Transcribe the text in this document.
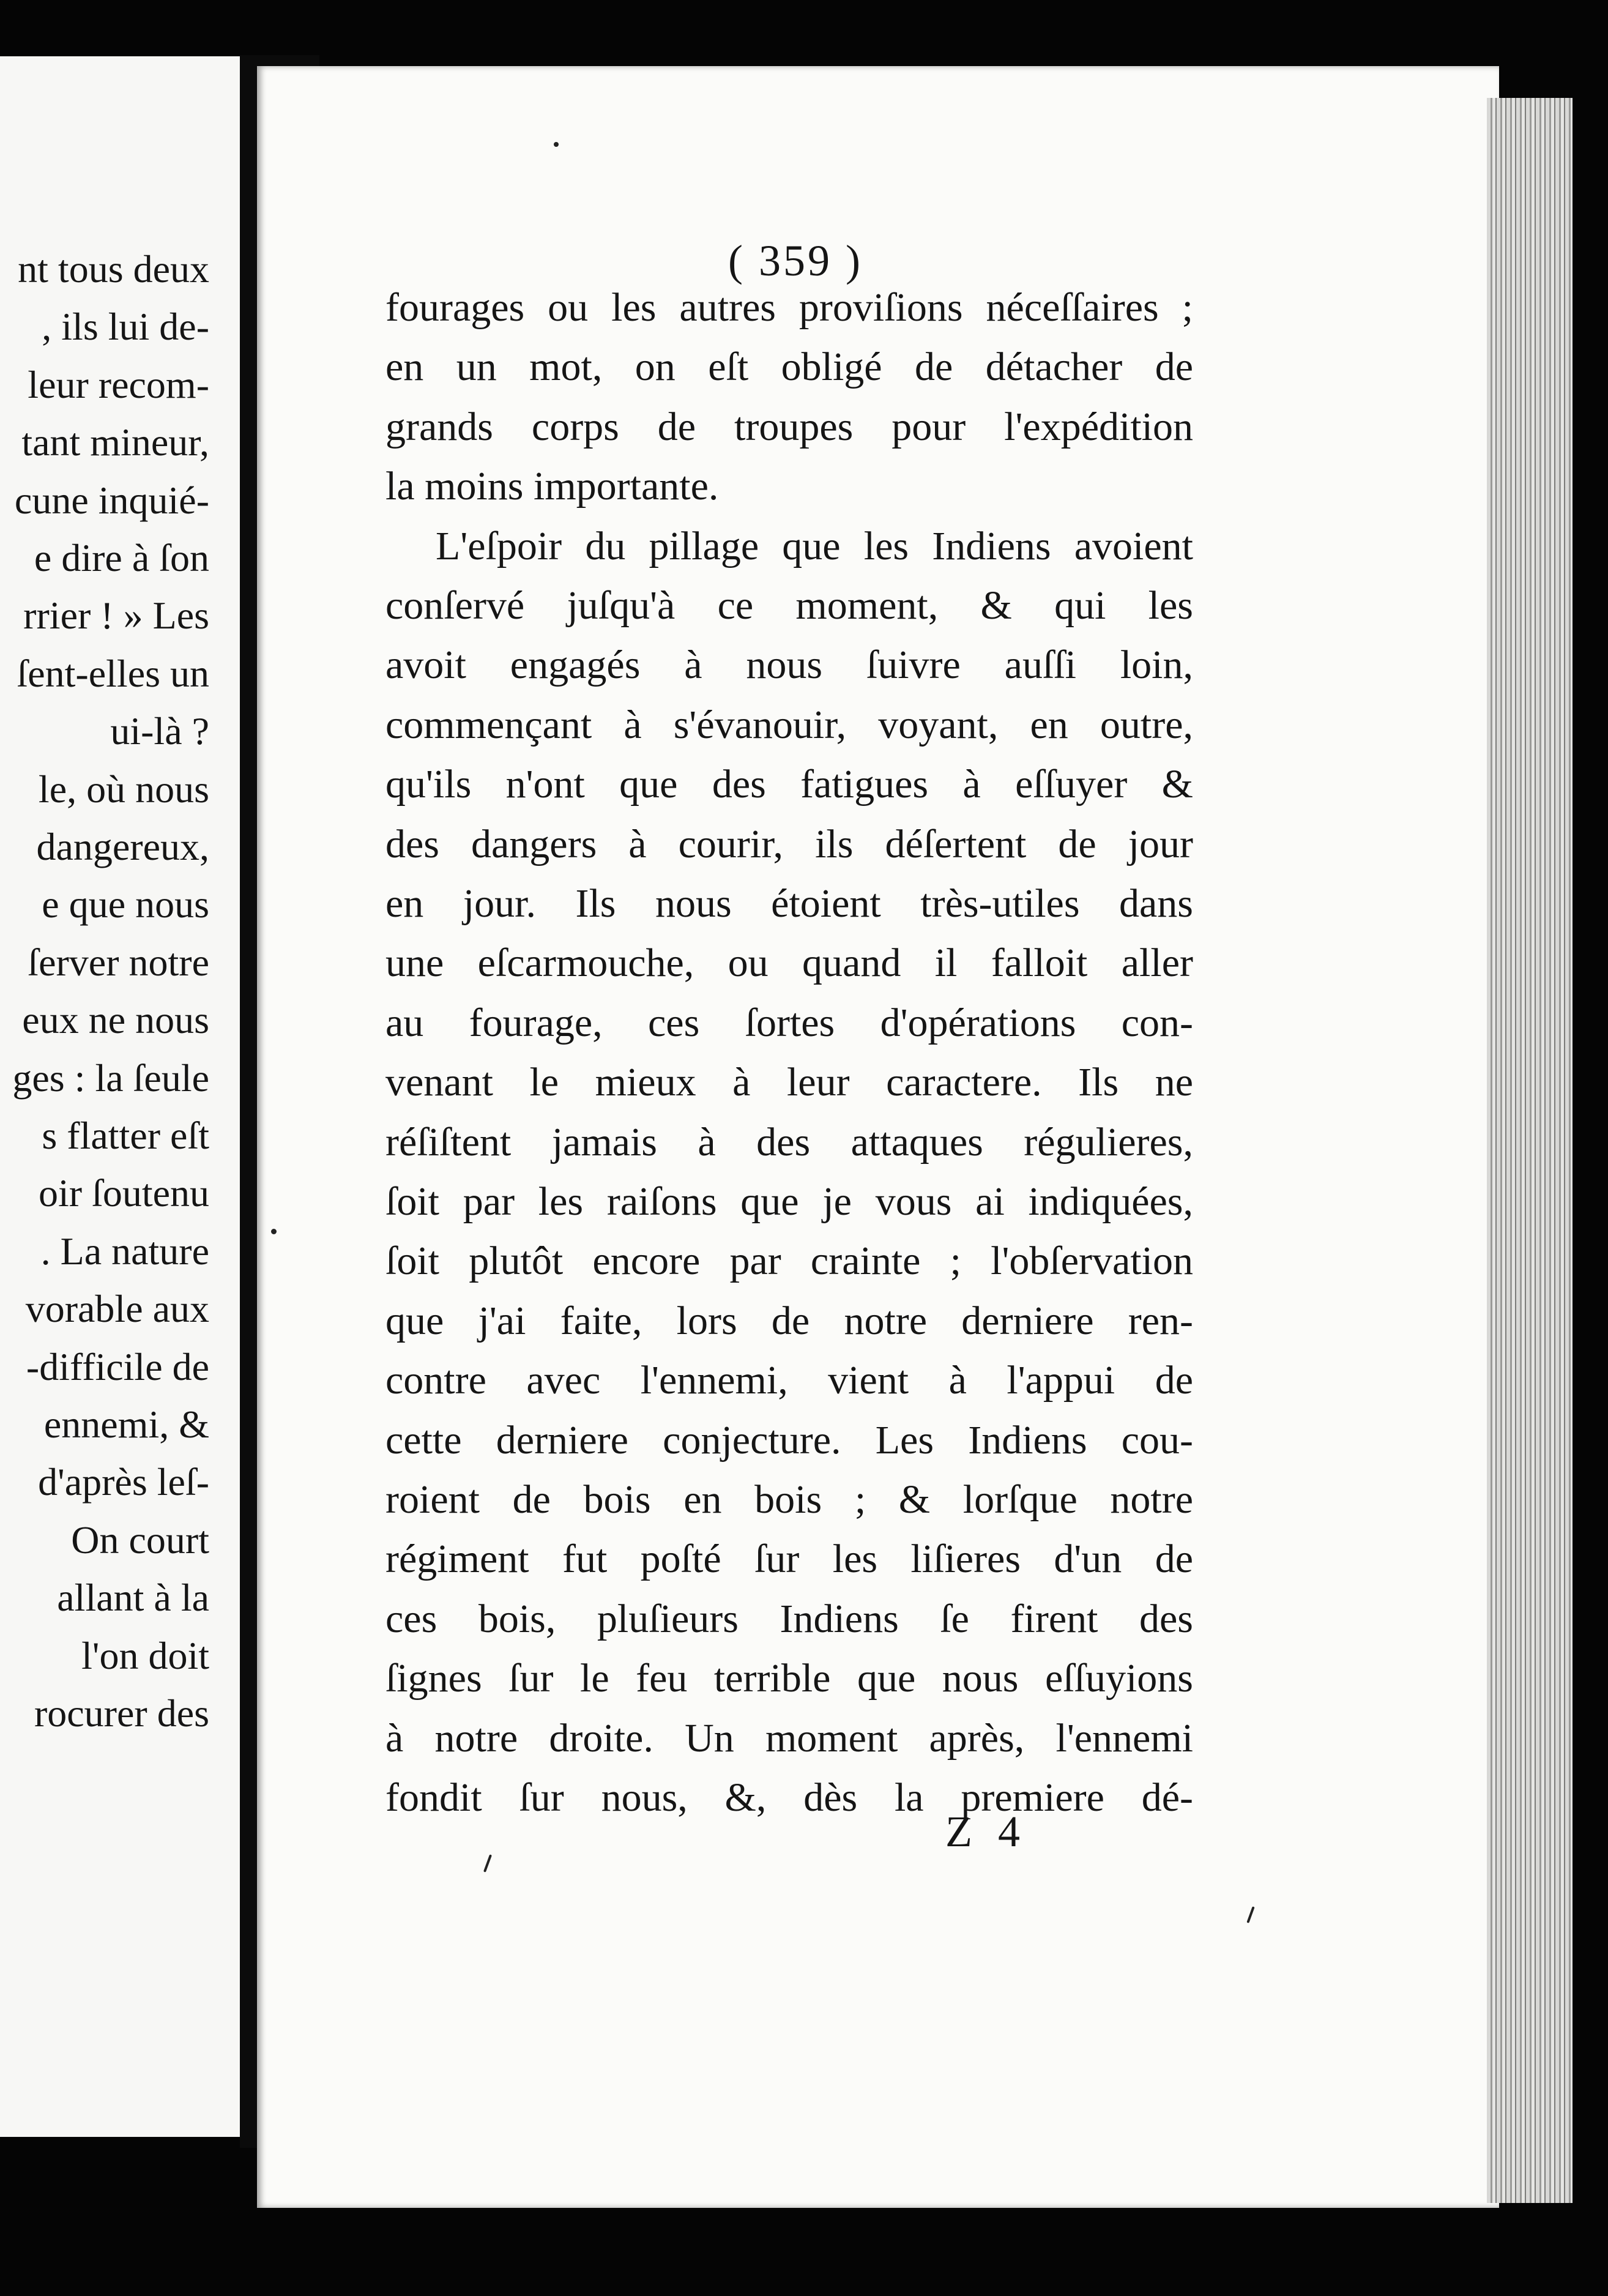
nt tous deux
, ils lui de-
leur recom-
tant mineur,
cune inquié-
e dire à ſon
rrier ! » Les
ſent-elles un
ui-là ?
le, où nous
dangereux,
e que nous
ſerver notre
eux ne nous
ges : la ſeule
s flatter eſt
oir ſoutenu
. La nature
vorable aux
-difficile de
ennemi, &
d'après leſ-
On court
allant à la
l'on doit
rocurer des
( 359 )
fourages ou les autres proviſions néceſſaires ;
en un mot, on eſt obligé de détacher de
grands corps de troupes pour l'expédition
la moins importante.
L'eſpoir du pillage que les Indiens avoient
conſervé juſqu'à ce moment, & qui les
avoit engagés à nous ſuivre auſſi loin,
commençant à s'évanouir, voyant, en outre,
qu'ils n'ont que des fatigues à eſſuyer &
des dangers à courir, ils déſertent de jour
en jour. Ils nous étoient très-utiles dans
une eſcarmouche, ou quand il falloit aller
au fourage, ces ſortes d'opérations con-
venant le mieux à leur caractere. Ils ne
réſiſtent jamais à des attaques régulieres,
ſoit par les raiſons que je vous ai indiquées,
ſoit plutôt encore par crainte ; l'obſervation
que j'ai faite, lors de notre derniere ren-
contre avec l'ennemi, vient à l'appui de
cette derniere conjecture. Les Indiens cou-
roient de bois en bois ; & lorſque notre
régiment fut poſté ſur les liſieres d'un de
ces bois, pluſieurs Indiens ſe firent des
ſignes ſur le feu terrible que nous eſſuyions
à notre droite. Un moment après, l'ennemi
fondit ſur nous, &, dès la premiere dé-
Z 4
